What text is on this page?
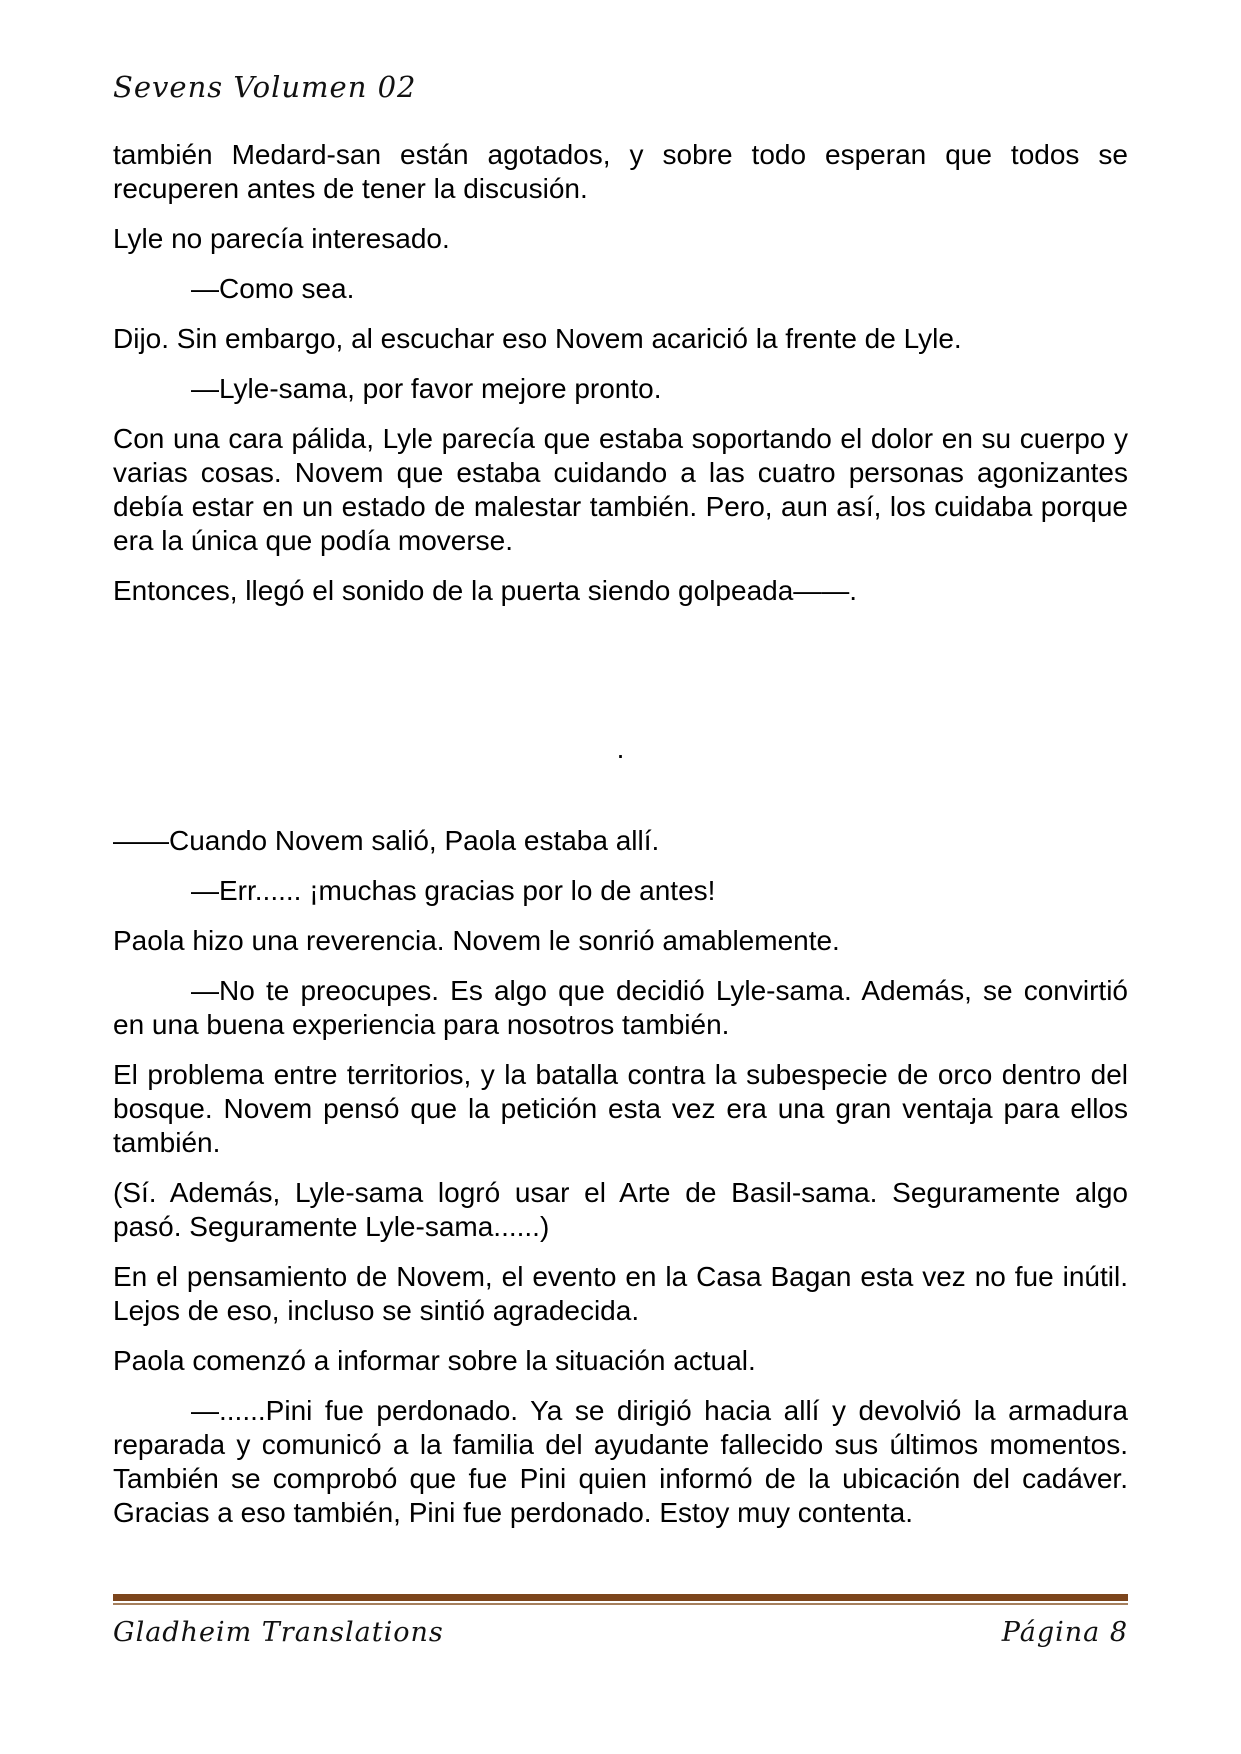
Sevens Volumen 02

también Medard-san están agotados, y sobre todo esperan que todos se recuperen antes de tener la discusión.

Lyle no parecía interesado.

—Como sea.

Dijo. Sin embargo, al escuchar eso Novem acarició la frente de Lyle.

—Lyle-sama, por favor mejore pronto.

Con una cara pálida, Lyle parecía que estaba soportando el dolor en su cuerpo y varias cosas. Novem que estaba cuidando a las cuatro personas agonizantes debía estar en un estado de malestar también. Pero, aun así, los cuidaba porque era la única que podía moverse.

Entonces, llegó el sonido de la puerta siendo golpeada——.

.

——Cuando Novem salió, Paola estaba allí.

—Err...... ¡muchas gracias por lo de antes!

Paola hizo una reverencia. Novem le sonrió amablemente.

—No te preocupes. Es algo que decidió Lyle-sama. Además, se convirtió en una buena experiencia para nosotros también.

El problema entre territorios, y la batalla contra la subespecie de orco dentro del bosque. Novem pensó que la petición esta vez era una gran ventaja para ellos también.

(Sí. Además, Lyle-sama logró usar el Arte de Basil-sama. Seguramente algo pasó. Seguramente Lyle-sama......)

En el pensamiento de Novem, el evento en la Casa Bagan esta vez no fue inútil. Lejos de eso, incluso se sintió agradecida.

Paola comenzó a informar sobre la situación actual.

—......Pini fue perdonado. Ya se dirigió hacia allí y devolvió la armadura reparada y comunicó a la familia del ayudante fallecido sus últimos momentos. También se comprobó que fue Pini quien informó de la ubicación del cadáver. Gracias a eso también, Pini fue perdonado. Estoy muy contenta.

Gladheim Translations	Página 8
